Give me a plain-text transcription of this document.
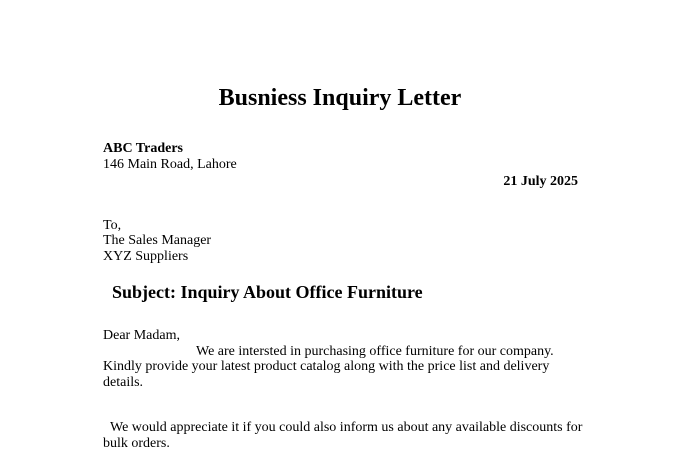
Busniess Inquiry Letter
ABC Traders
146 Main Road, Lahore
21 July 2025
To,
The Sales Manager
XYZ Suppliers
Subject: Inquiry About Office Furniture
Dear Madam,
We are intersted in purchasing office furniture for our company.
Kindly provide your latest product catalog along with the price list and delivery
details.
We would appreciate it if you could also inform us about any available discounts for
bulk orders.
